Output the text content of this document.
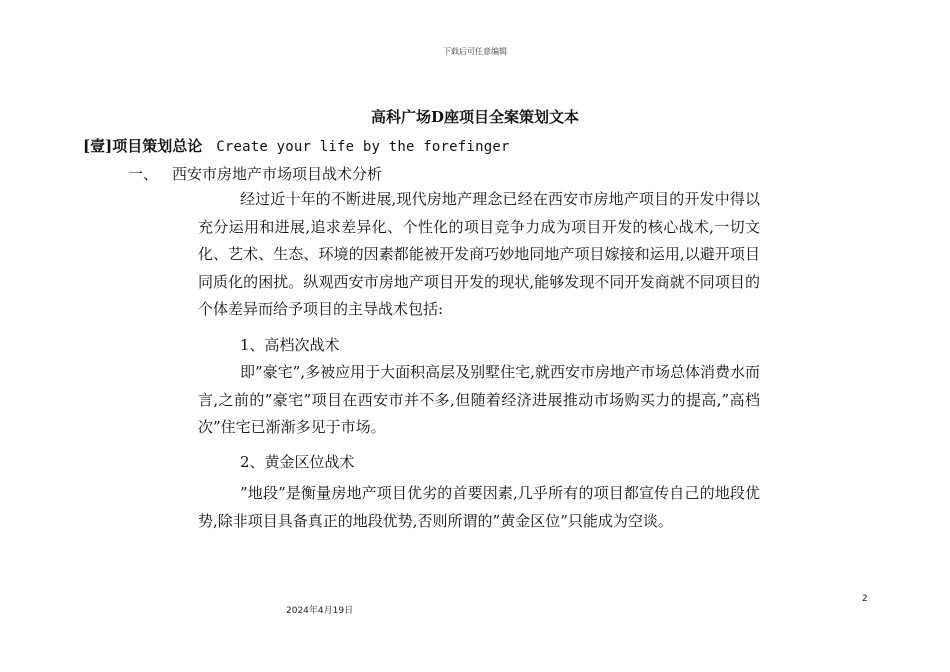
下载后可任意编辑
高科广场D座项目全案策划文本
[壹]项目策划总论 Create your life by the forefinger
一、 西安市房地产市场项目战术分析

经过近十年的不断进展,现代房地产理念已经在西安市房地产项目的开发中得以充分运用和进展,追求差异化、个性化的项目竞争力成为项目开发的核心战术,一切文化、艺术、生态、环境的因素都能被开发商巧妙地同地产项目嫁接和运用,以避开项目同质化的困扰。纵观西安市房地产项目开发的现状,能够发现不同开发商就不同项目的个体差异而给予项目的主导战术包括:

1、高档次战术

即”豪宅”,多被应用于大面积高层及别墅住宅,就西安市房地产市场总体消费水而言,之前的”豪宅”项目在西安市并不多,但随着经济进展推动市场购买力的提高,”高档次”住宅已渐渐多见于市场。

2、黄金区位战术

”地段”是衡量房地产项目优劣的首要因素,几乎所有的项目都宣传自己的地段优势,除非项目具备真正的地段优势,否则所谓的”黄金区位”只能成为空谈。

2024年4月19日
2
